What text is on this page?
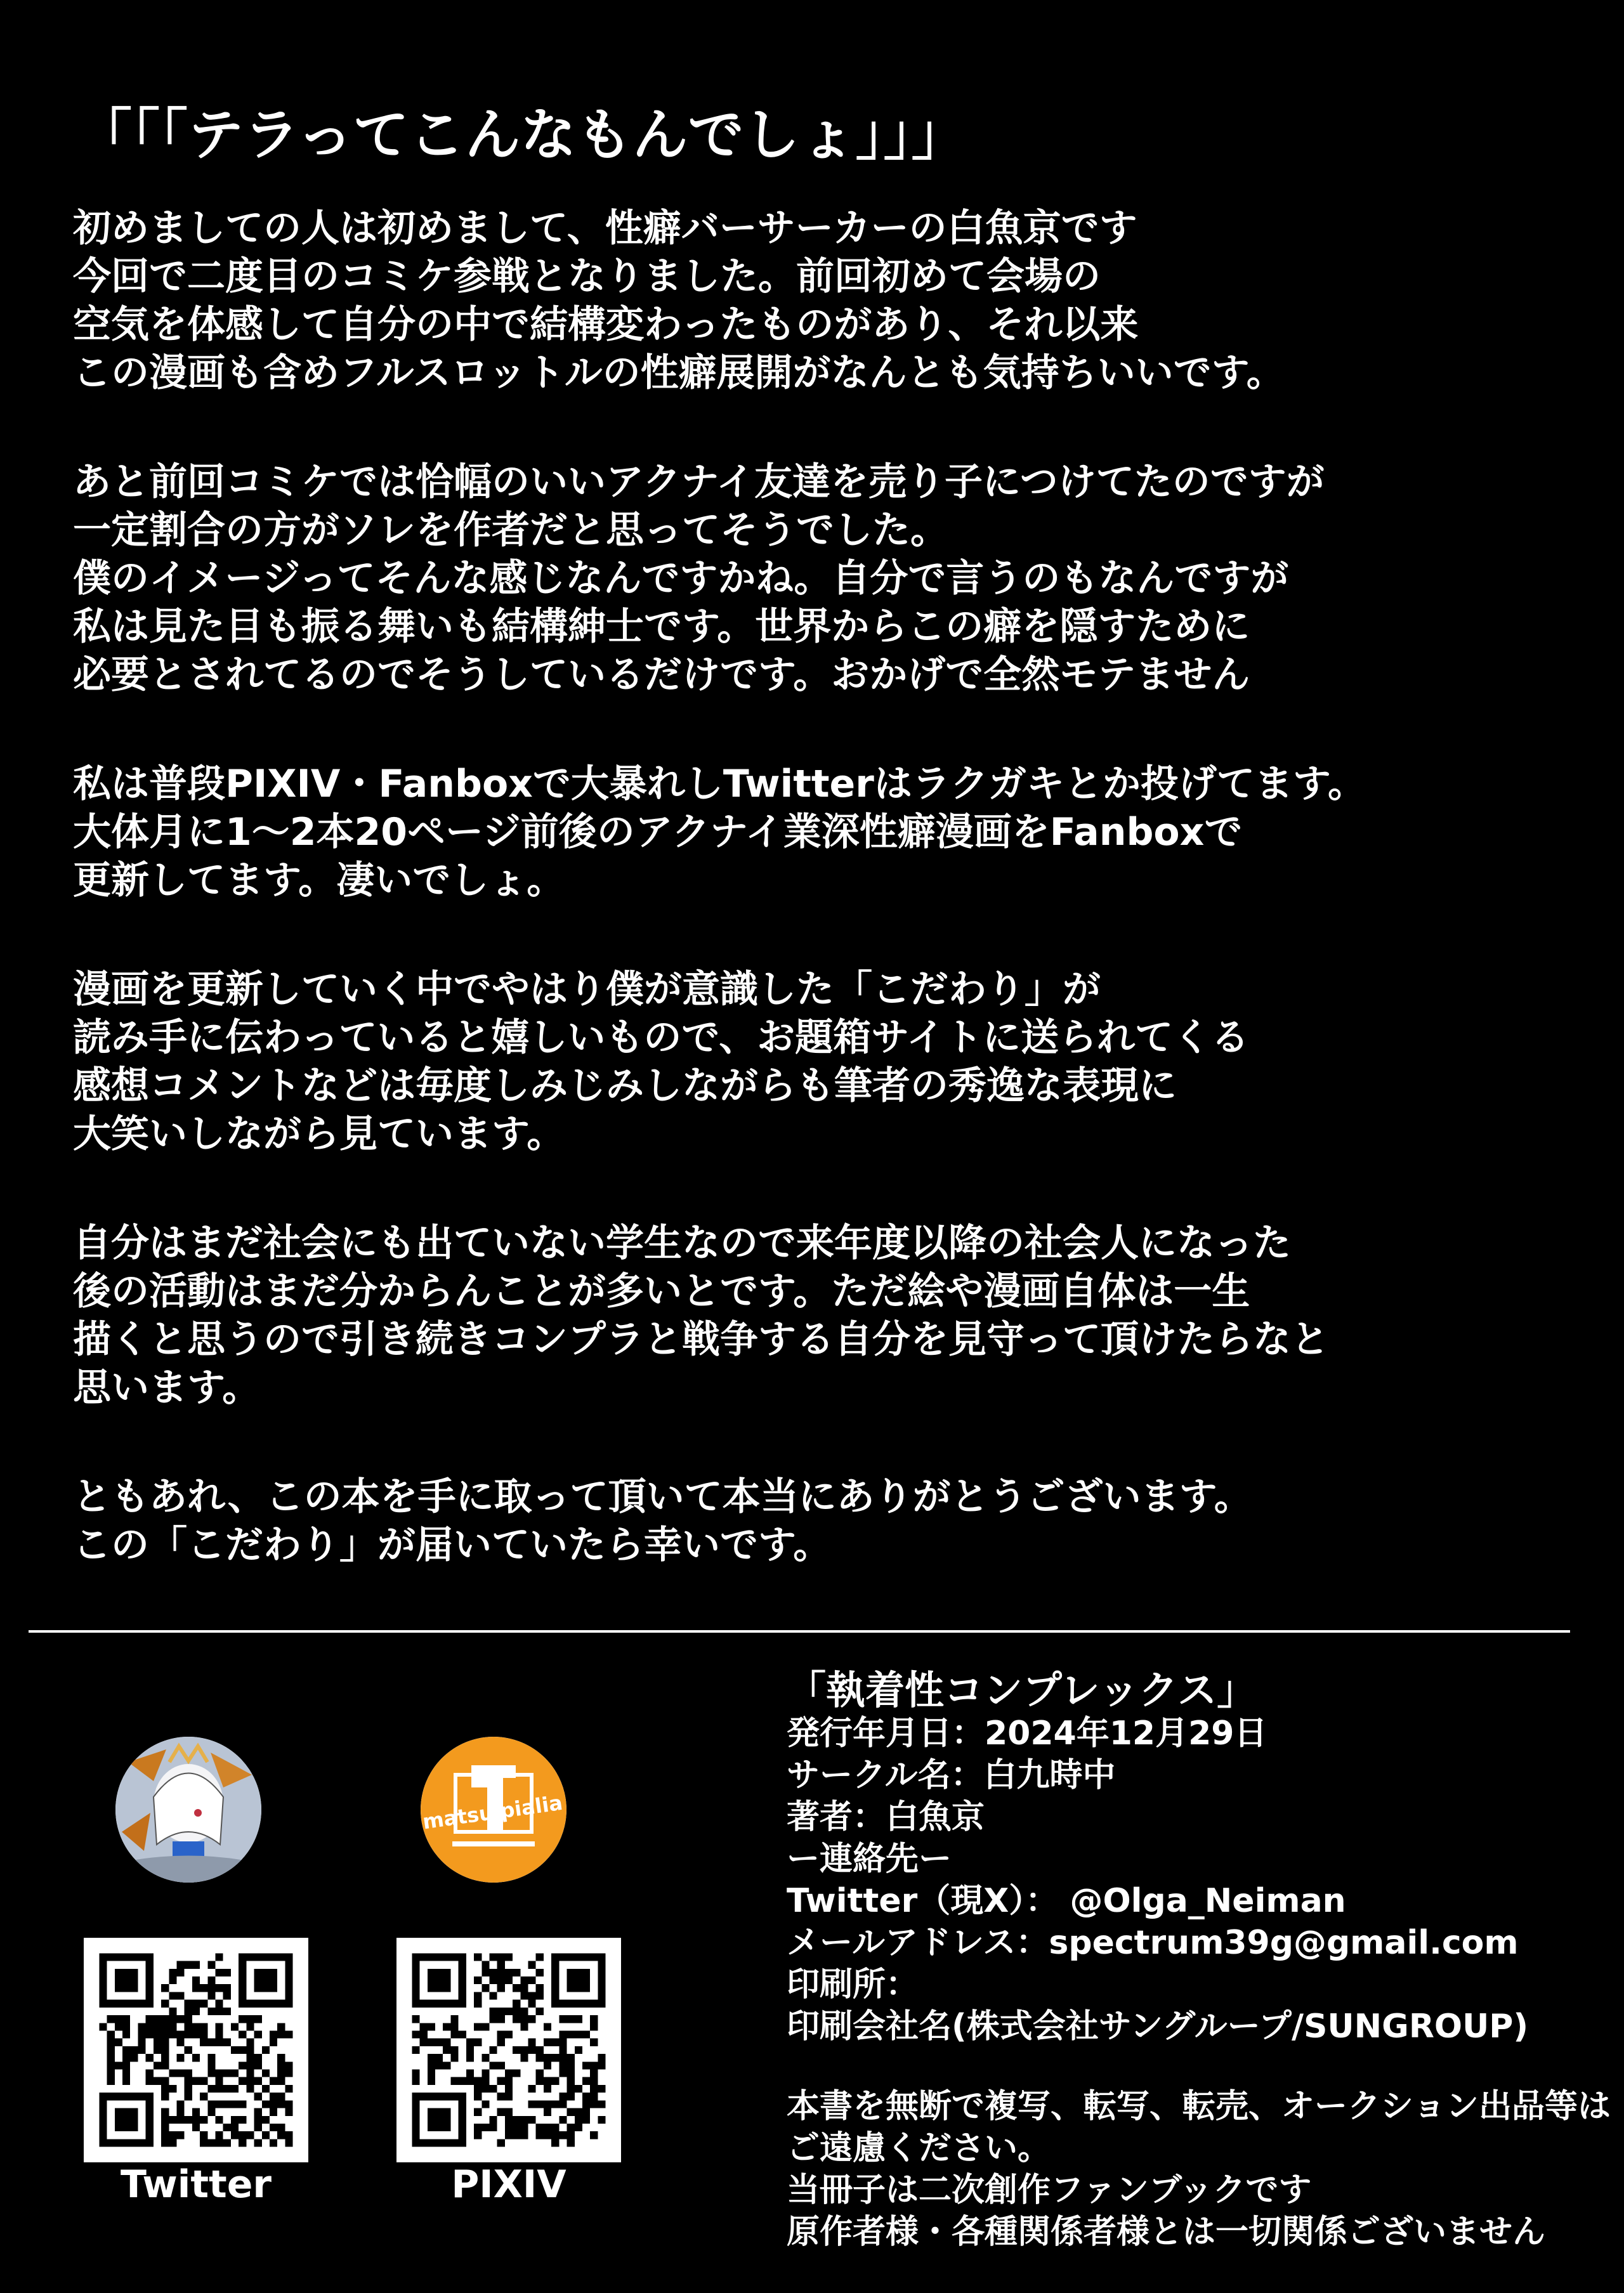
「「「テラってこんなもんでしょ」」」
初めましての人は初めまして、性癖バーサーカーの白魚京です
今回で二度目のコミケ参戦となりました。前回初めて会場の
空気を体感して自分の中で結構変わったものがあり、それ以来
この漫画も含めフルスロットルの性癖展開がなんとも気持ちいいです。
あと前回コミケでは恰幅のいいアクナイ友達を売り子につけてたのですが
一定割合の方がソレを作者だと思ってそうでした。
僕のイメージってそんな感じなんですかね。自分で言うのもなんですが
私は見た目も振る舞いも結構紳士です。世界からこの癖を隠すために
必要とされてるのでそうしているだけです。おかげで全然モテません
私は普段PIXIV・Fanboxで大暴れしTwitterはラクガキとか投げてます。
大体月に1〜2本20ページ前後のアクナイ業深性癖漫画をFanboxで
更新してます。凄いでしょ。
漫画を更新していく中でやはり僕が意識した「こだわり」が
読み手に伝わっていると嬉しいもので、お題箱サイトに送られてくる
感想コメントなどは毎度しみじみしながらも筆者の秀逸な表現に
大笑いしながら見ています。
自分はまだ社会にも出ていない学生なので来年度以降の社会人になった
後の活動はまだ分からんことが多いとです。ただ絵や漫画自体は一生
描くと思うので引き続きコンプラと戦争する自分を見守って頂けたらなと
思います。
ともあれ、この本を手に取って頂いて本当にありがとうございます。
この「こだわり」が届いていたら幸いです。
matsu pialia
Twitter	PIXIV
「執着性コンプレックス」
発行年月日：2024年12月29日
サークル名：白九時中
著者：白魚京
ー連絡先ー
Twitter（現X）： @Olga_Neiman
メールアドレス：spectrum39g@gmail.com
印刷所：
印刷会社名(株式会社サングループ/SUNGROUP)
本書を無断で複写、転写、転売、オークション出品等は
ご遠慮ください。
当冊子は二次創作ファンブックです
原作者様・各種関係者様とは一切関係ございません
